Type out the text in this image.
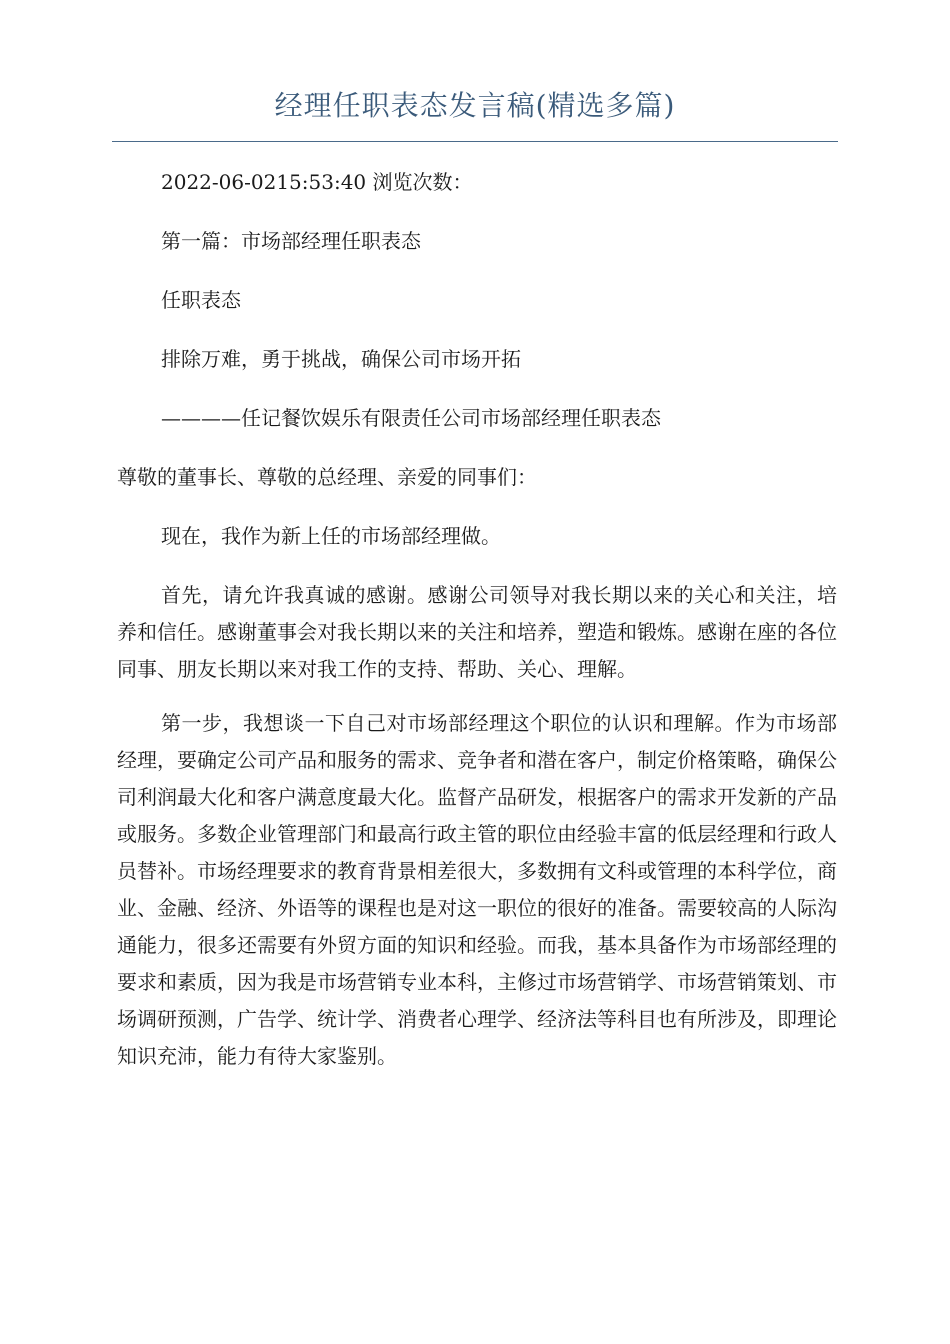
经理任职表态发言稿(精选多篇)

2022-06-0215:53:40 浏览次数：

第一篇：市场部经理任职表态

任职表态

排除万难，勇于挑战，确保公司市场开拓

————任记餐饮娱乐有限责任公司市场部经理任职表态

尊敬的董事长、尊敬的总经理、亲爱的同事们：

现在，我作为新上任的市场部经理做。

首先，请允许我真诚的感谢。感谢公司领导对我长期以来的关心和关注，培养和信任。感谢董事会对我长期以来的关注和培养，塑造和锻炼。感谢在座的各位同事、朋友长期以来对我工作的支持、帮助、关心、理解。

第一步，我想谈一下自己对市场部经理这个职位的认识和理解。作为市场部经理，要确定公司产品和服务的需求、竞争者和潜在客户，制定价格策略，确保公司利润最大化和客户满意度最大化。监督产品研发，根据客户的需求开发新的产品或服务。多数企业管理部门和最高行政主管的职位由经验丰富的低层经理和行政人员替补。市场经理要求的教育背景相差很大，多数拥有文科或管理的本科学位，商业、金融、经济、外语等的课程也是对这一职位的很好的准备。需要较高的人际沟通能力，很多还需要有外贸方面的知识和经验。而我，基本具备作为市场部经理的要求和素质，因为我是市场营销专业本科，主修过市场营销学、市场营销策划、市场调研预测，广告学、统计学、消费者心理学、经济法等科目也有所涉及，即理论知识充沛，能力有待大家鉴别。
